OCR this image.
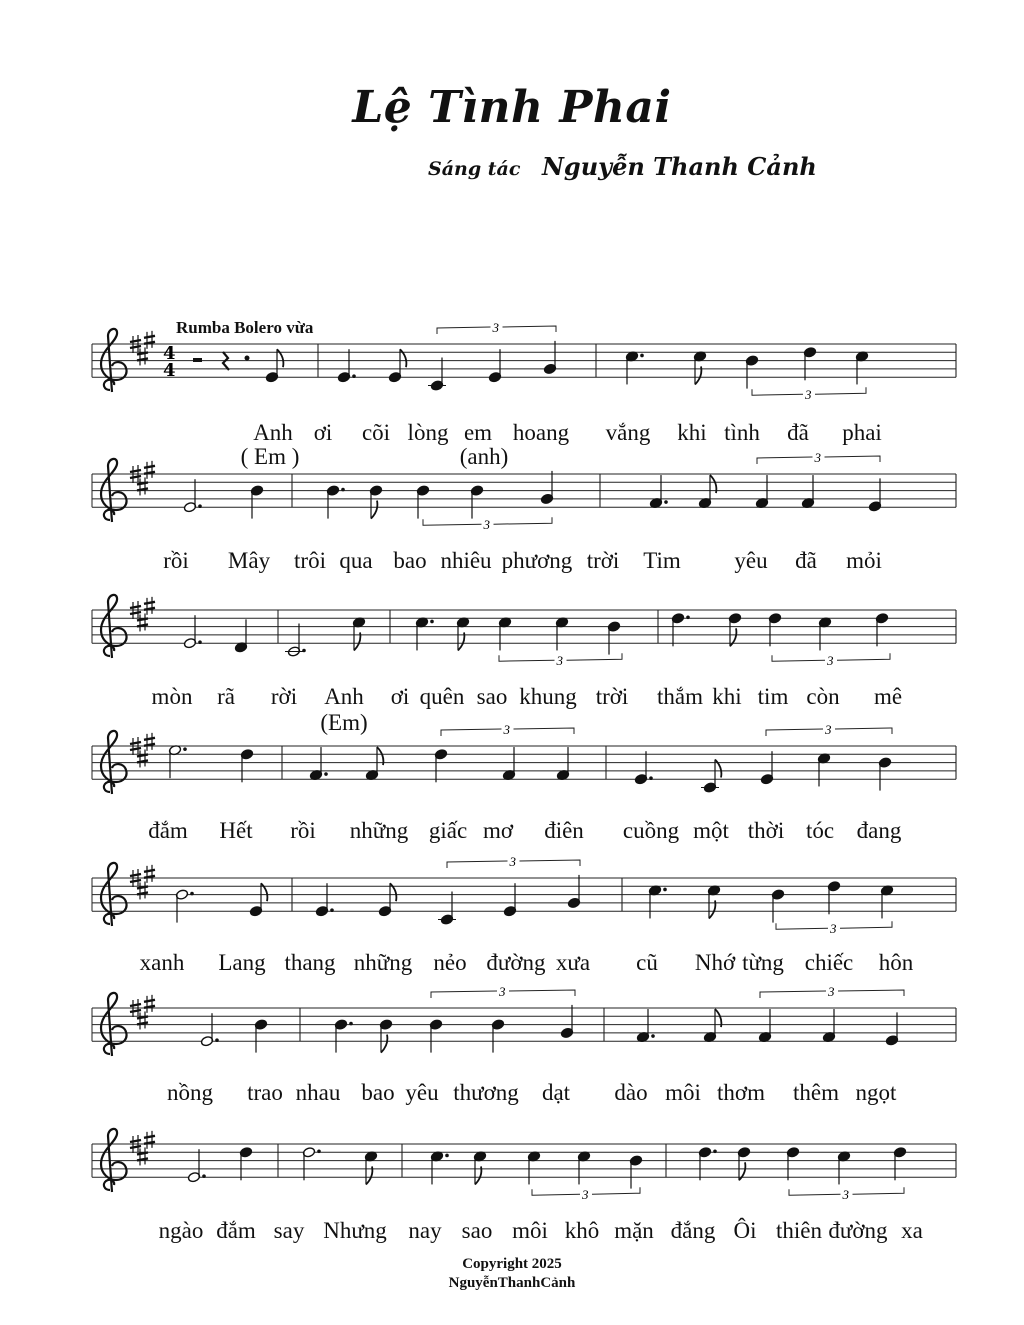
Lệ Tình Phai
Sáng tác Nguyễn Thanh Cảnh
Rumba Bolero vừa
4
4
3
3
3
3
3	3
3	3
3
3
3	3
3	3
Anh ơi cõi lòng em hoang vắng khi tình đã phai
rồi Mây trôi qua bao nhiêu phương trời Tim yêu đã mỏi
mòn rã rời Anh ơi quên sao khung trời thắm khi tim còn mê
đắm Hết rồi những giấc mơ điên cuồng một thời tóc đang
xanh Lang thang những nẻo đường xưa cũ Nhớ từng chiếc hôn
nồng trao nhau bao yêu thương dạt dào môi thơm thêm ngọt
ngào đắm say Nhưng nay sao môi khô mặn đắng Ôi thiên đường xa
( Em )	(anh)
(Em)
Copyright 2025
NguyễnThanhCảnh
